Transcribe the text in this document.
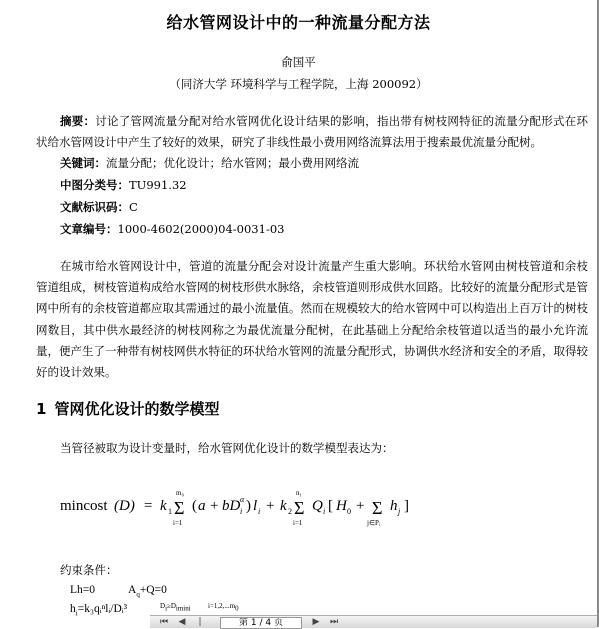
给水管网设计中的一种流量分配方法
俞国平
（同济大学 环境科学与工程学院，上海 200092）
摘要：讨论了管网流量分配对给水管网优化设计结果的影响，指出带有树枝网特征的流量分配形式在环状给水管网设计中产生了较好的效果，研究了非线性最小费用网络流算法用于搜索最优流量分配树。
关键词：流量分配；优化设计；给水管网；最小费用网络流
中图分类号：TU991.32
文献标识码：C
文章编号：1000-4602(2000)04-0031-03
在城市给水管网设计中，管道的流量分配会对设计流量产生重大影响。环状给水管网由树枝管道和余枝管道组成，树枝管道构成给水管网的树枝形供水脉络，余枝管道则形成供水回路。比较好的流量分配形式是管网中所有的余枝管道都应取其需通过的最小流量值。然而在规模较大的给水管网中可以构造出上百万计的树枝网数目，其中供水最经济的树枝网称之为最优流量分配树，在此基础上分配给余枝管道以适当的最小允许流量，便产生了一种带有树枝网供水特征的环状给水管网的流量分配形式，协调供水经济和安全的矛盾，取得较好的设计效果。
1 管网优化设计的数学模型
当管径被取为设计变量时，给水管网优化设计的数学模型表达为：
mincost (D) = k 1 Σ
m₀
i=1
( a + bD α
i ) l i + k 2 Σ
n₁
i=1
Q i [ H 0 + Σ
j∈Pᵢ
h j ]
约束条件：
Lh=0	$A_q+Q=0$
$h_i=k_3qᵢ^nlᵢ$/Dᵢ³	Di≥Dimini i=1,2,...m0
⏮ ◀	|	第 1 / 4 页	▶ ⏭
